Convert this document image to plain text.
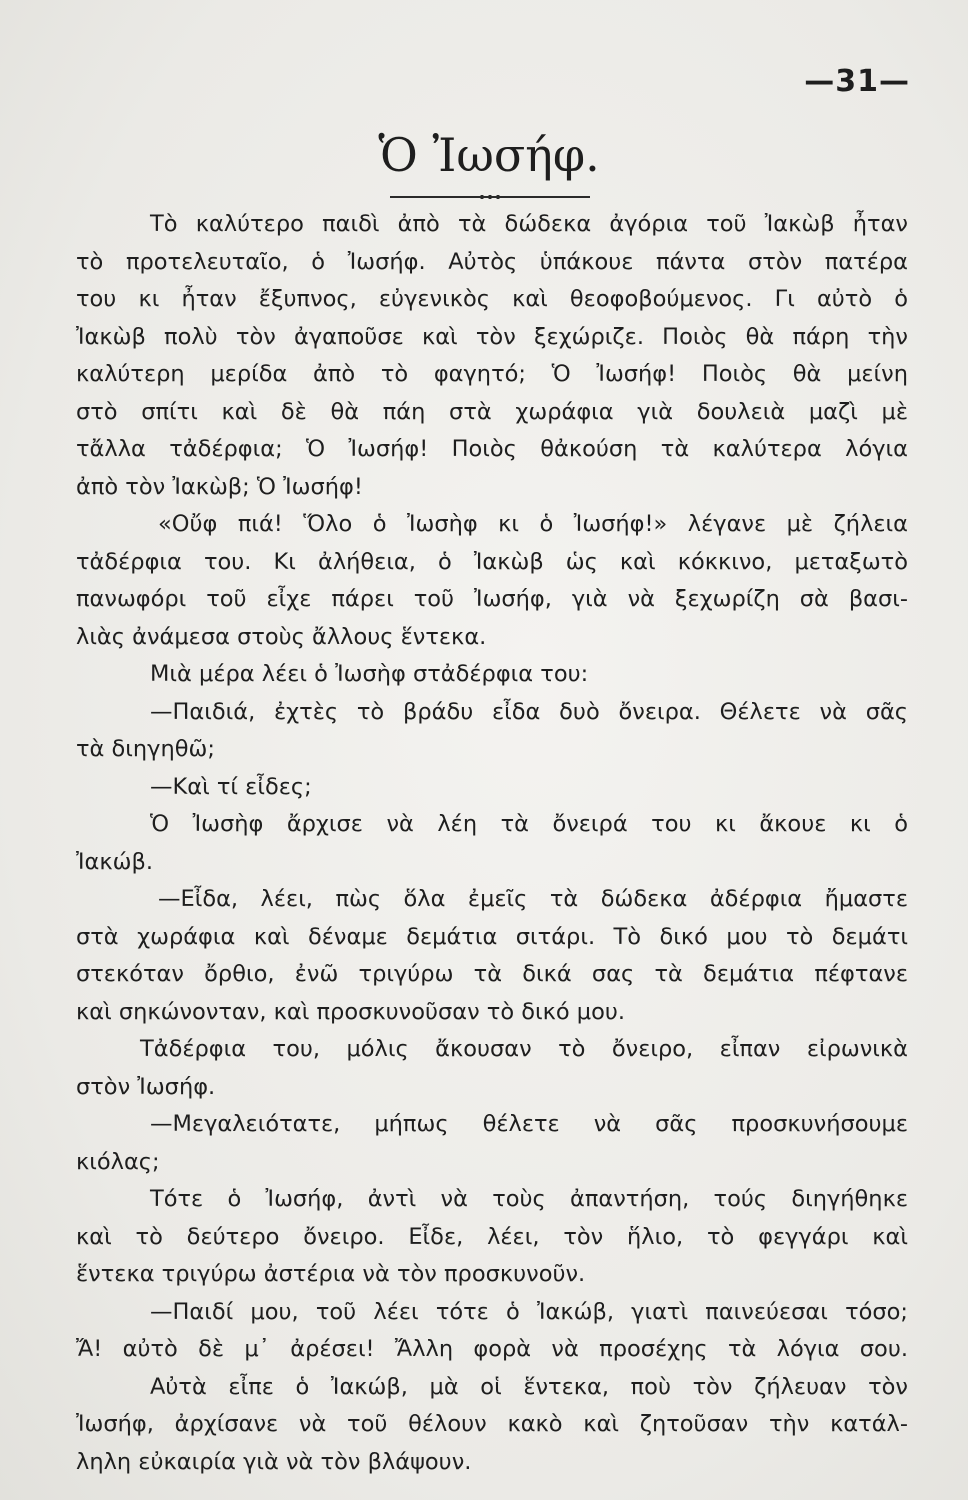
—31—
Ὁ Ἰωσήφ.
Τὸ καλύτερο παιδὶ ἀπὸ τὰ δώδεκα ἀγόρια τοῦ Ἰακὼβ ἦταν
τὸ προτελευταῖο, ὁ Ἰωσήφ. Αὐτὸς ὑπάκουε πάντα στὸν πατέρα
του κι ἦταν ἔξυπνος, εὐγενικὸς καὶ θεοφοβούμενος. Γι αὐτὸ ὁ
Ἰακὼβ πολὺ τὸν ἀγαποῦσε καὶ τὸν ξεχώριζε. Ποιὸς θὰ πάρη τὴν
καλύτερη μερίδα ἀπὸ τὸ φαγητό; Ὁ Ἰωσήφ! Ποιὸς θὰ μείνη
στὸ σπίτι καὶ δὲ θὰ πάη στὰ χωράφια γιὰ δουλειὰ μαζὶ μὲ
τἄλλα τἀδέρφια; Ὁ Ἰωσήφ! Ποιὸς θἀκούση τὰ καλύτερα λόγια
ἀπὸ τὸν Ἰακὼβ; Ὁ Ἰωσήφ!
«Οὔφ πιά! Ὅλο ὁ Ἰωσὴφ κι ὁ Ἰωσήφ!» λέγανε μὲ ζήλεια
τἀδέρφια του. Κι ἀλήθεια, ὁ Ἰακὼβ ὡς καὶ κόκκινο, μεταξωτὸ
πανωφόρι τοῦ εἶχε πάρει τοῦ Ἰωσήφ, γιὰ νὰ ξεχωρίζη σὰ βασι-
λιὰς ἀνάμεσα στοὺς ἄλλους ἕντεκα.
Μιὰ μέρα λέει ὁ Ἰωσὴφ στἀδέρφια του:
—Παιδιά, ἐχτὲς τὸ βράδυ εἶδα δυὸ ὄνειρα. Θέλετε νὰ σᾶς
τὰ διηγηθῶ;
—Καὶ τί εἶδες;
Ὁ Ἰωσὴφ ἄρχισε νὰ λέη τὰ ὄνειρά του κι ἄκουε κι ὁ
Ἰακώβ.
—Εἶδα, λέει, πὼς ὅλα ἐμεῖς τὰ δώδεκα ἀδέρφια ἤμαστε
στὰ χωράφια καὶ δέναμε δεμάτια σιτάρι. Τὸ δικό μου τὸ δεμάτι
στεκόταν ὄρθιο, ἐνῶ τριγύρω τὰ δικά σας τὰ δεμάτια πέφτανε
καὶ σηκώνονταν, καὶ προσκυνοῦσαν τὸ δικό μου.
Τἀδέρφια του, μόλις ἄκουσαν τὸ ὄνειρο, εἶπαν εἰρωνικὰ
στὸν Ἰωσήφ.
—Μεγαλειότατε, μήπως θέλετε νὰ σᾶς προσκυνήσουμε
κιόλας;
Τότε ὁ Ἰωσήφ, ἀντὶ νὰ τοὺς ἀπαντήση, τούς διηγήθηκε
καὶ τὸ δεύτερο ὄνειρο. Εἶδε, λέει, τὸν ἥλιο, τὸ φεγγάρι καὶ
ἕντεκα τριγύρω ἀστέρια νὰ τὸν προσκυνοῦν.
—Παιδί μου, τοῦ λέει τότε ὁ Ἰακώβ, γιατὶ παινεύεσαι τόσο;
Ἄ! αὐτὸ δὲ μ᾿ ἀρέσει! Ἄλλη φορὰ νὰ προσέχης τὰ λόγια σου.
Αὐτὰ εἶπε ὁ Ἰακώβ, μὰ οἱ ἕντεκα, ποὺ τὸν ζήλευαν τὸν
Ἰωσήφ, ἀρχίσανε νὰ τοῦ θέλουν κακὸ καὶ ζητοῦσαν τὴν κατάλ-
ληλη εὐκαιρία γιὰ νὰ τὸν βλάψουν.
